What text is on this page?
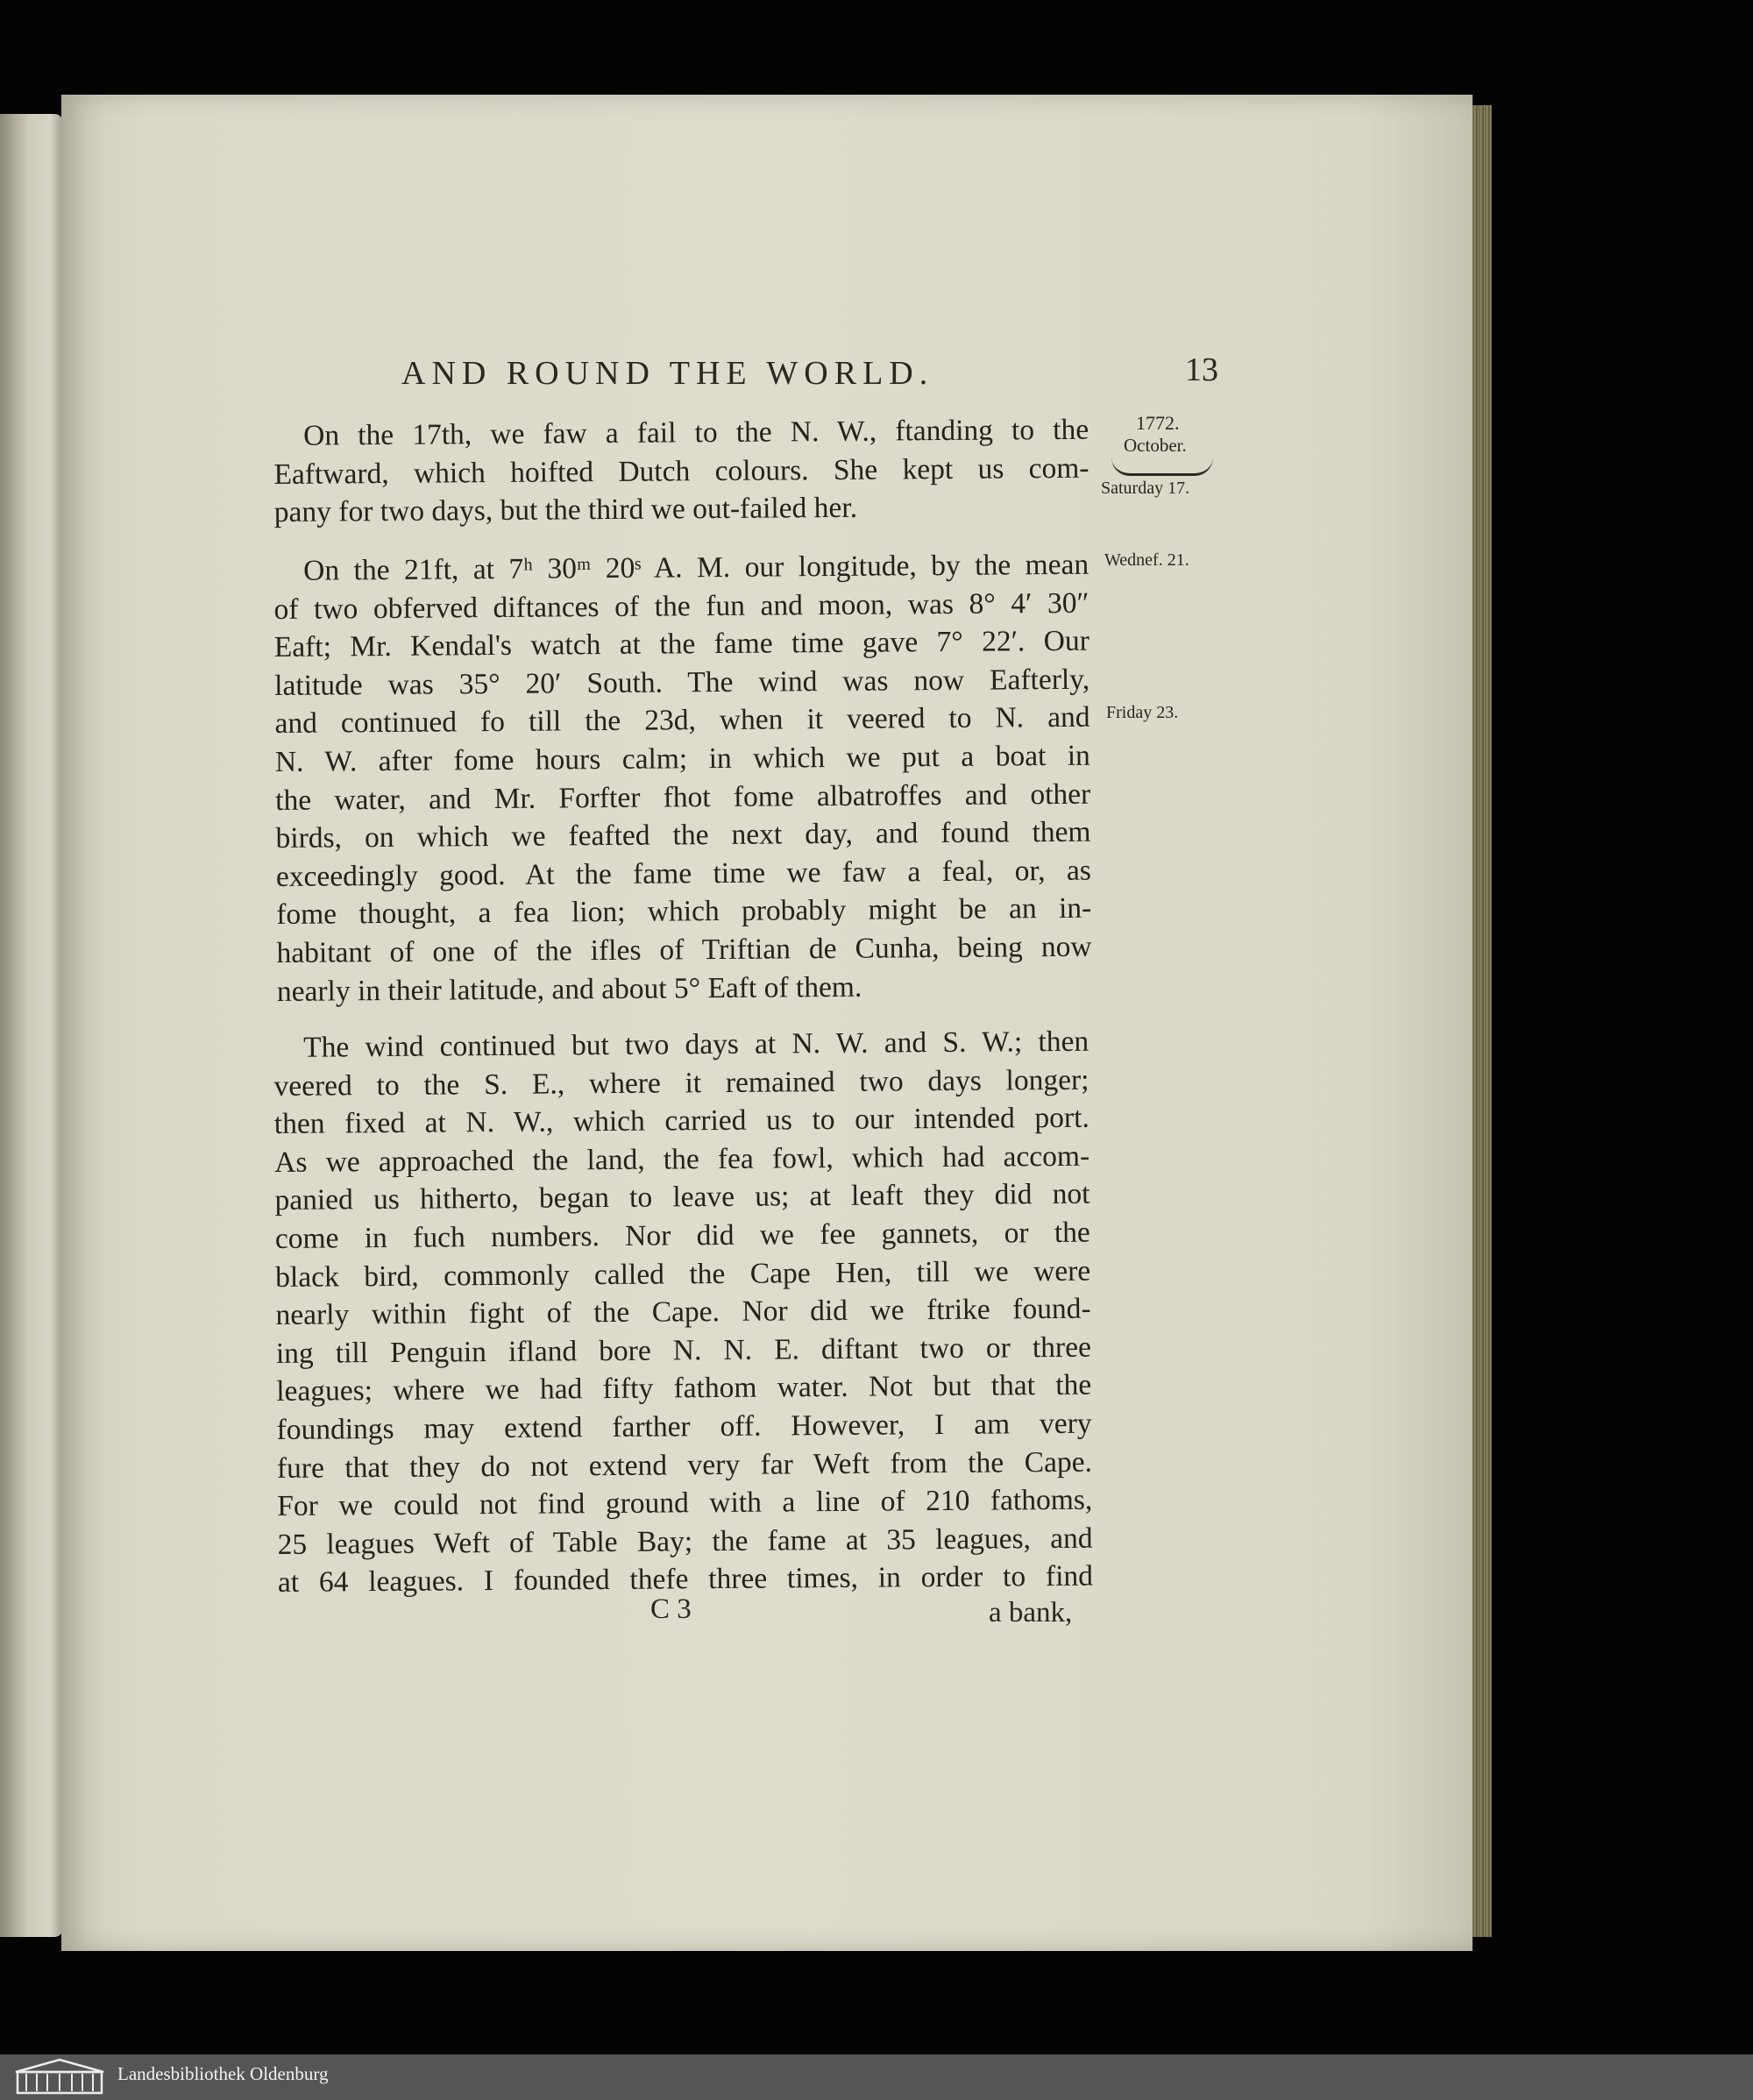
AND ROUND THE WORLD.	13
1772.
October.
Saturday 17.
Wednef. 21.
Friday 23.
On the 17th, we faw a fail to the N. W., ftanding to the
Eaftward, which hoifted Dutch colours. She kept us com-
pany for two days, but the third we out-failed her.
On the 21ft, at 7ʰ 30ᵐ 20ˢ A. M. our longitude, by the mean
of two obferved diftances of the fun and moon, was 8° 4′ 30″
Eaft; Mr. Kendal's watch at the fame time gave 7° 22′. Our
latitude was 35° 20′ South. The wind was now Eafterly,
and continued fo till the 23d, when it veered to N. and
N. W. after fome hours calm; in which we put a boat in
the water, and Mr. Forfter fhot fome albatroffes and other
birds, on which we feafted the next day, and found them
exceedingly good. At the fame time we faw a feal, or, as
fome thought, a fea lion; which probably might be an in-
habitant of one of the ifles of Triftian de Cunha, being now
nearly in their latitude, and about 5° Eaft of them.
The wind continued but two days at N. W. and S. W.; then
veered to the S. E., where it remained two days longer;
then fixed at N. W., which carried us to our intended port.
As we approached the land, the fea fowl, which had accom-
panied us hitherto, began to leave us; at leaft they did not
come in fuch numbers. Nor did we fee gannets, or the
black bird, commonly called the Cape Hen, till we were
nearly within fight of the Cape. Nor did we ftrike found-
ing till Penguin ifland bore N. N. E. diftant two or three
leagues; where we had fifty fathom water. Not but that the
foundings may extend farther off. However, I am very
fure that they do not extend very far Weft from the Cape.
For we could not find ground with a line of 210 fathoms,
25 leagues Weft of Table Bay; the fame at 35 leagues, and
at 64 leagues. I founded thefe three times, in order to find
C 3	a bank,
Landesbibliothek Oldenburg
